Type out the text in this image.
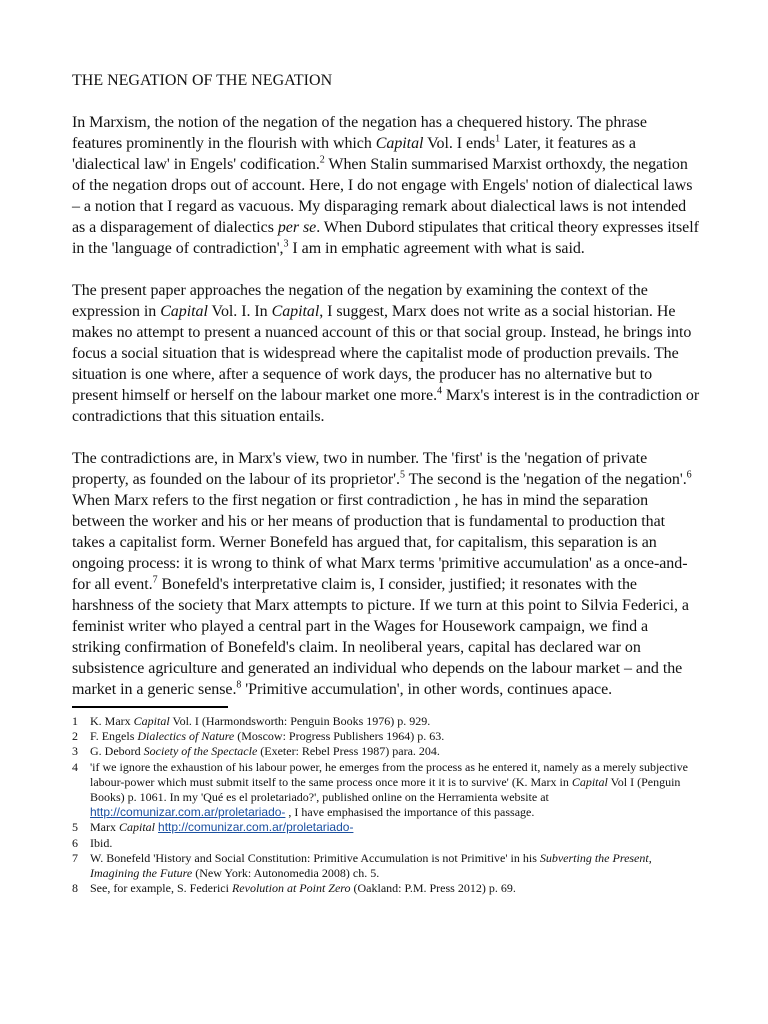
THE NEGATION OF THE NEGATION

In Marxism, the notion of the negation of the negation has a chequered history. The phrase features prominently in the flourish with which Capital Vol. I ends$^1$ Later, it features as a 'dialectical law' in Engels' codification.$^2$ When Stalin summarised Marxist orthoxdy, the negation of the negation drops out of account. Here, I do not engage with Engels' notion of dialectical laws – a notion that I regard as vacuous. My disparaging remark about dialectical laws is not intended as a disparagement of dialectics per se. When Dubord stipulates that critical theory expresses itself in the 'language of contradiction',$^3$ I am in emphatic agreement with what is said.

The present paper approaches the negation of the negation by examining the context of the expression in Capital Vol. I. In Capital, I suggest, Marx does not write as a social historian. He makes no attempt to present a nuanced account of this or that social group. Instead, he brings into focus a social situation that is widespread where the capitalist mode of production prevails. The situation is one where, after a sequence of work days, the producer has no alternative but to present himself or herself on the labour market one more.$^4$ Marx's interest is in the contradiction or contradictions that this situation entails.

The contradictions are, in Marx's view, two in number. The 'first' is the 'negation of private property, as founded on the labour of its proprietor'.$^5$ The second is the 'negation of the negation'.$^6$ When Marx refers to the first negation or first contradiction , he has in mind the separation between the worker and his or her means of production that is fundamental to production that takes a capitalist form. Werner Bonefeld has argued that, for capitalism, this separation is an ongoing process: it is wrong to think of what Marx terms 'primitive accumulation' as a once-and-for all event.$^7$ Bonefeld's interpretative claim is, I consider, justified; it resonates with the harshness of the society that Marx attempts to picture. If we turn at this point to Silvia Federici, a feminist writer who played a central part in the Wages for Housework campaign, we find a striking confirmation of Bonefeld's claim. In neoliberal years, capital has declared war on subsistence agriculture and generated an individual who depends on the labour market – and the market in a generic sense.$^8$ 'Primitive accumulation', in other words, continues apace.

1	K. Marx Capital Vol. I (Harmondsworth: Penguin Books 1976) p. 929.
2	F. Engels Dialectics of Nature (Moscow: Progress Publishers 1964) p. 63.
3	G. Debord Society of the Spectacle (Exeter: Rebel Press 1987) para. 204.
4	'if we ignore the exhaustion of his labour power, he emerges from the process as he entered it, namely as a merely subjective labour-power which must submit itself to the same process once more it it is to survive' (K. Marx in Capital Vol I (Penguin Books) p. 1061. In my 'Qué es el proletariado?', published online on the Herramienta website at http://comunizar.com.ar/proletariado- , I have emphasised the importance of this passage.
5	Marx Capital http://comunizar.com.ar/proletariado-
6	Ibid.
7	W. Bonefeld 'History and Social Constitution: Primitive Accumulation is not Primitive' in his Subverting the Present, Imagining the Future (New York: Autonomedia 2008) ch. 5.
8	See, for example, S. Federici Revolution at Point Zero (Oakland: P.M. Press 2012) p. 69.
